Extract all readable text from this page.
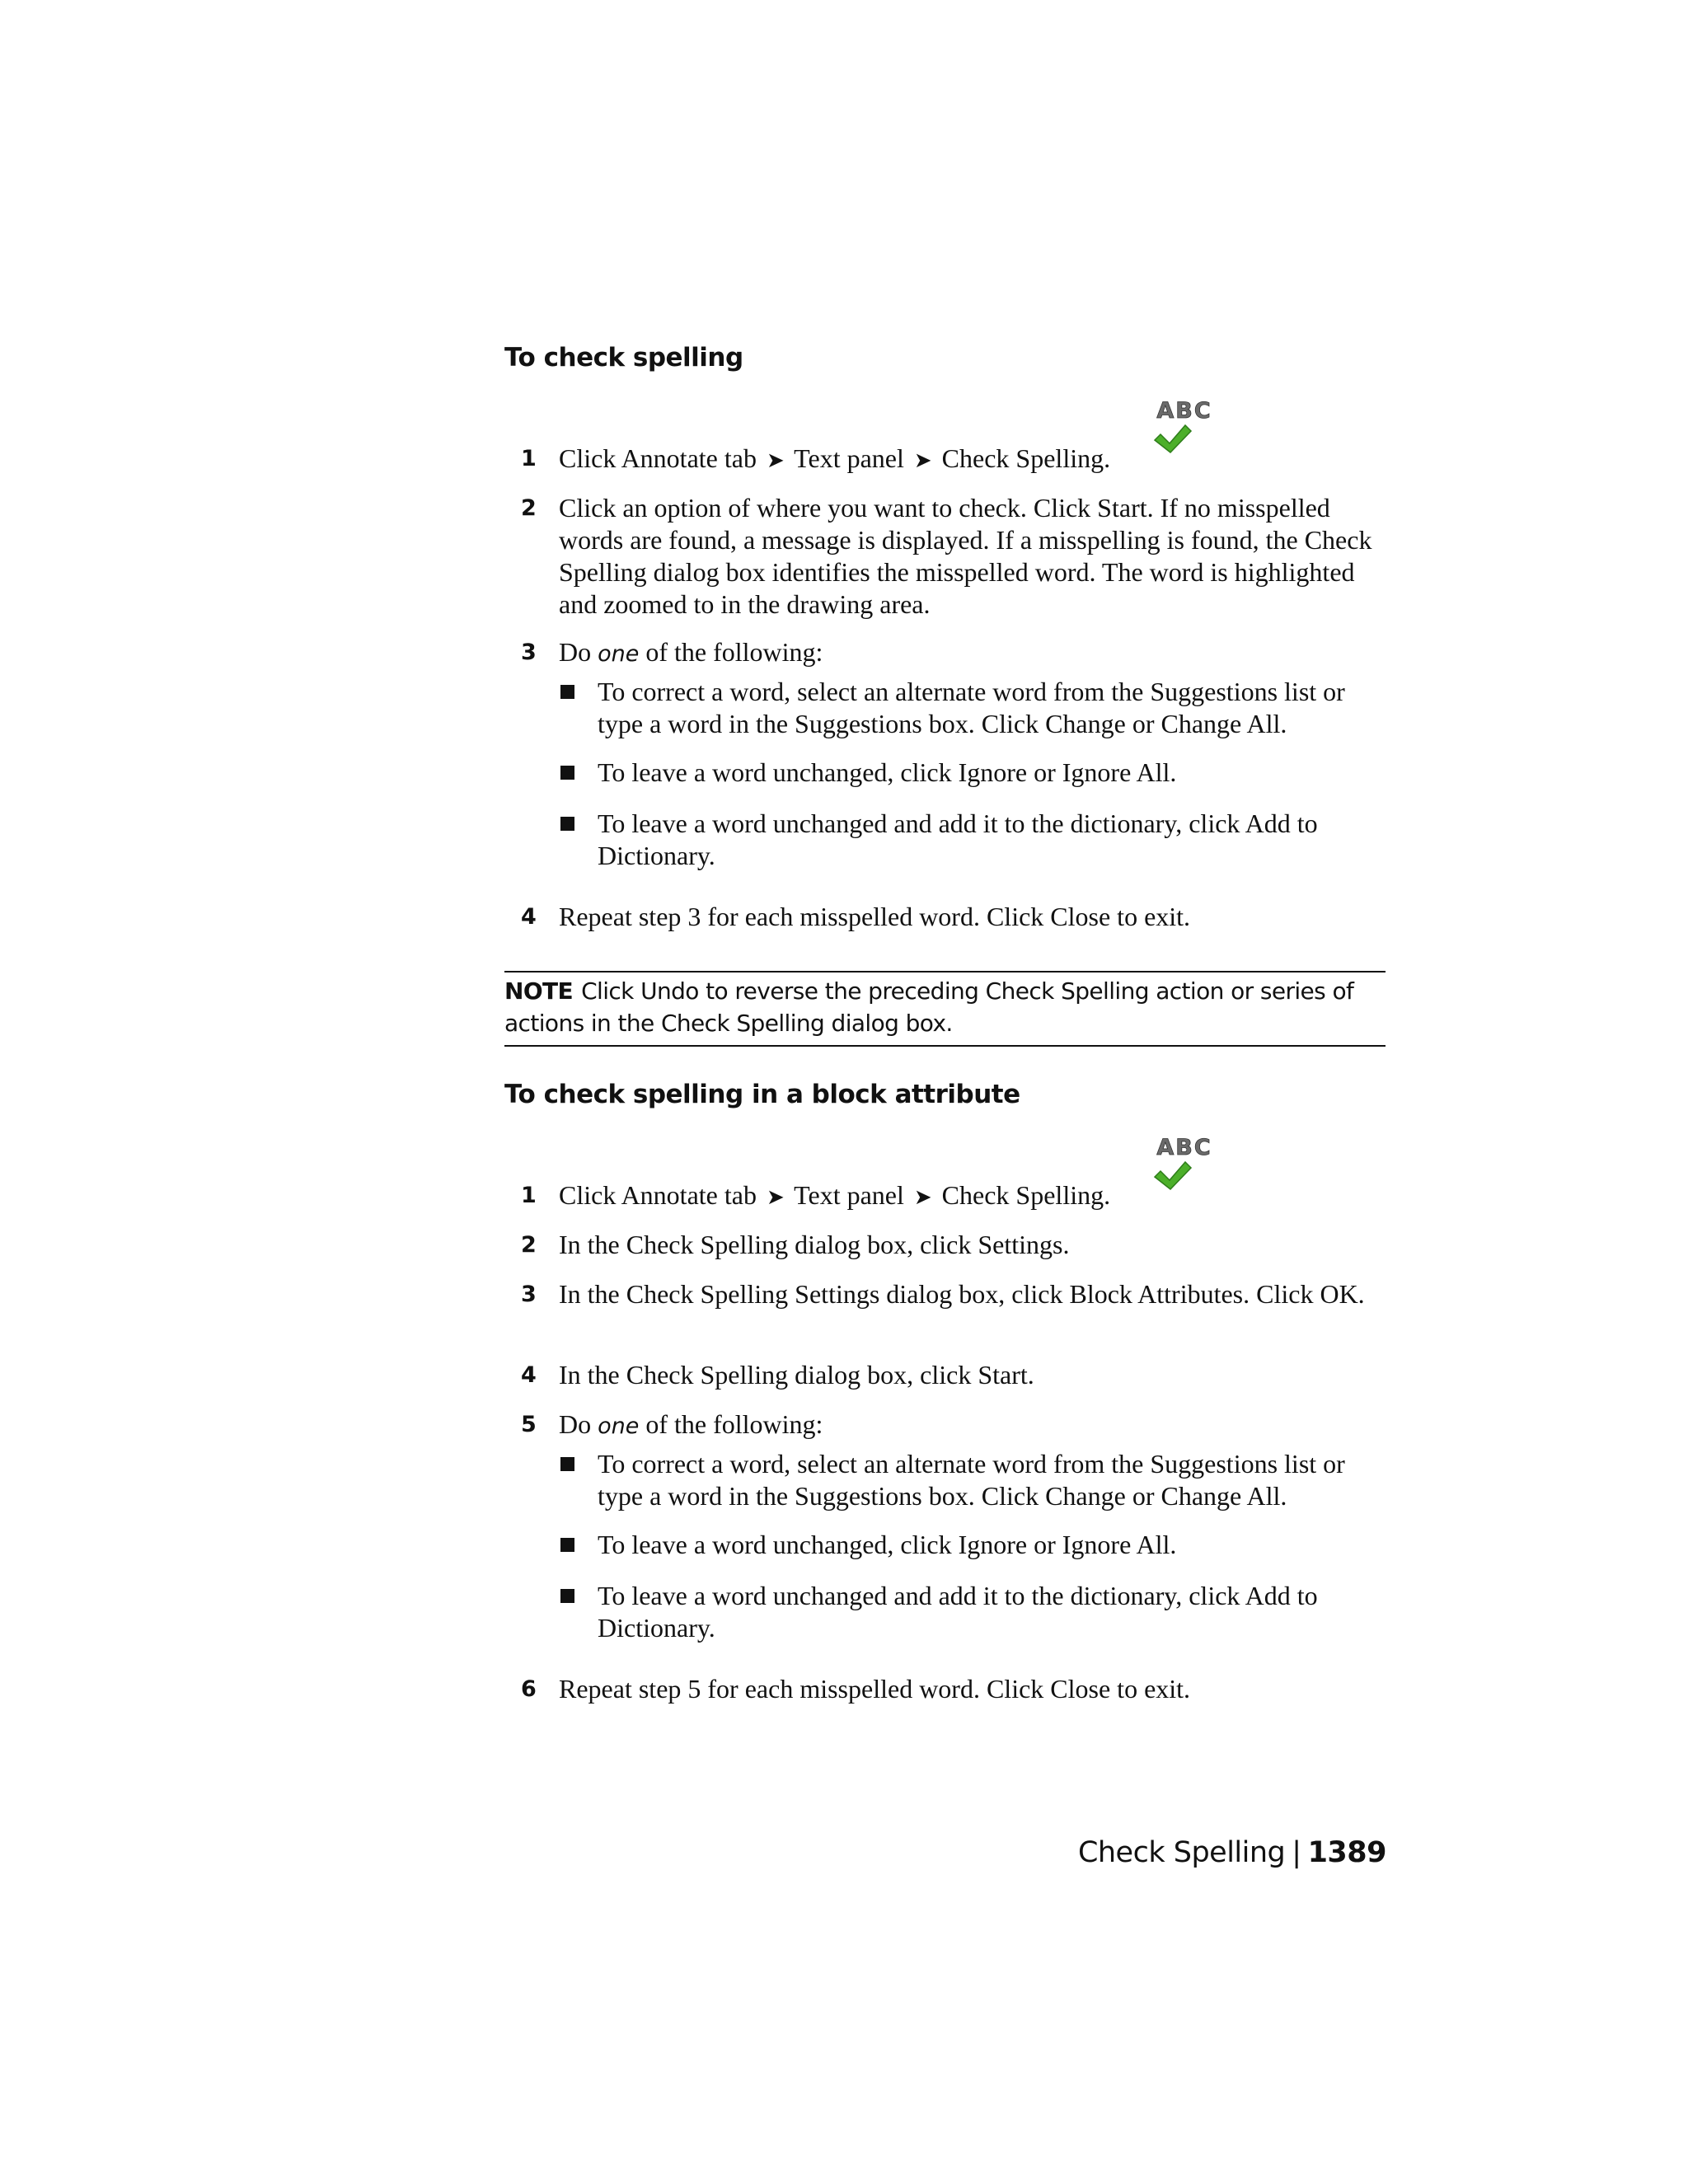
To check spelling
1 Click Annotate tab ➤ Text panel ➤ Check Spelling.
ABC
2 Click an option of where you want to check. Click Start. If no misspelled words are found, a message is displayed. If a misspelling is found, the Check Spelling dialog box identifies the misspelled word. The word is highlighted and zoomed to in the drawing area.
3 Do one of the following:
To correct a word, select an alternate word from the Suggestions list or type a word in the Suggestions box. Click Change or Change All.
To leave a word unchanged, click Ignore or Ignore All.
To leave a word unchanged and add it to the dictionary, click Add to Dictionary.
4 Repeat step 3 for each misspelled word. Click Close to exit.
NOTE Click Undo to reverse the preceding Check Spelling action or series of actions in the Check Spelling dialog box.
To check spelling in a block attribute
1 Click Annotate tab ➤ Text panel ➤ Check Spelling.
ABC
2 In the Check Spelling dialog box, click Settings.
3 In the Check Spelling Settings dialog box, click Block Attributes. Click OK.
4 In the Check Spelling dialog box, click Start.
5 Do one of the following:
To correct a word, select an alternate word from the Suggestions list or type a word in the Suggestions box. Click Change or Change All.
To leave a word unchanged, click Ignore or Ignore All.
To leave a word unchanged and add it to the dictionary, click Add to Dictionary.
6 Repeat step 5 for each misspelled word. Click Close to exit.
Check Spelling | 1389
